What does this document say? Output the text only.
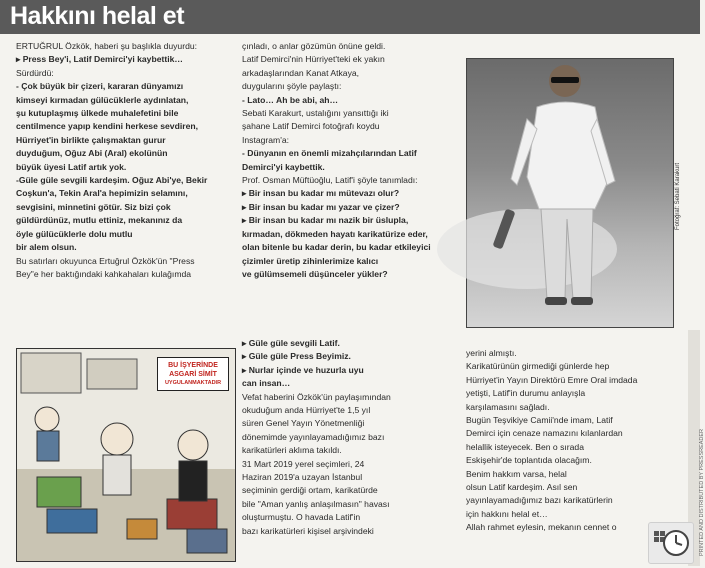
Hakkını helal et

ERTUĞRUL Özkök, haberi şu başlıkla duyurdu:

▸ Press Bey'i, Latif Demirci'yi kaybettik…

Sürdürdü:

- Çok büyük bir çizeri, kararan dünyamızı

kimseyi kırmadan gülücüklerle aydınlatan,

şu kutuplaşmış ülkede muhalefetini bile

centilmence yapıp kendini herkese sevdiren,

Hürriyet'in birlikte çalışmaktan gurur

duyduğum, Oğuz Abi (Aral) ekolünün

büyük üyesi Latif artık yok.

-Güle güle sevgili kardeşim. Oğuz Abi'ye, Bekir

Coşkun'a, Tekin Aral'a hepimizin selamını,

sevgisini, minnetini götür. Siz bizi çok

güldürdünüz, mutlu ettiniz, mekanınız da

öyle gülücüklerle dolu mutlu

bir alem olsun.

Bu satırları okuyunca Ertuğrul Özkök'ün "Press

Bey"e her baktığındaki kahkahaları kulağımda

çınladı, o anlar gözümün önüne geldi.

Latif Demirci'nin Hürriyet'teki ek yakın

arkadaşlarından Kanat Atkaya,

duygularını şöyle paylaştı:

- Lato… Ah be abi, ah…

Sebati Karakurt, ustalığını yansıttığı iki

şahane Latif Demirci fotoğrafı koydu

Instagram'a:

- Dünyanın en önemli mizahçılarından Latif

Demirci'yi kaybettik.

Prof. Osman Müftüoğlu, Latif'i şöyle tanımladı:

▸ Bir insan bu kadar mı mütevazı olur?

▸ Bir insan bu kadar mı yazar ve çizer?

▸ Bir insan bu kadar mı nazik bir üslupla,

kırmadan, dökmeden hayatı karikatürize eder,

olan bitenle bu kadar derin, bu kadar etkileyici

çizimler üretip zihinlerimize kalıcı

ve gülümsemeli düşünceler yükler?

Fotoğraf: Sebati Karakurt
BU İŞYERİNDE
ASGARİ SİMİT
UYGULANMAKTADIR

▸ Güle güle sevgili Latif.

▸ Güle güle Press Beyimiz.

▸ Nurlar içinde ve huzurla uyu

can insan…

Vefat haberini Özkök'ün paylaşımından

okuduğum anda Hürriyet'te 1,5 yıl

süren Genel Yayın Yönetmenliği

dönemimde yayınlayamadığımız bazı

karikatürleri aklıma takıldı.

31 Mart 2019 yerel seçimleri, 24

Haziran 2019'a uzayan İstanbul

seçiminin gerdiği ortam, karikatürde

bile "Aman yanlış anlaşılmasın" havası

oluşturmuştu. O havada Latif'in

bazı karikatürleri kişisel arşivindeki

yerini almıştı.

Karikatürünün girmediği günlerde hep

Hürriyet'in Yayın Direktörü Emre Oral imdada

yetişti, Latif'in durumu anlayışla

karşılamasını sağladı.

Bugün Teşvikiye Camii'nde imam, Latif

Demirci için cenaze namazını kılanlardan

helallik isteyecek. Ben o sırada

Eskişehir'de toplantıda olacağım.

Benim hakkım varsa, helal

olsun Latif kardeşim. Asıl sen

yayınlayamadığımız bazı karikatürlerin

için hakkını helal et…

Allah rahmet eylesin, mekanın cennet o	PRINTED AND DISTRIBUTED BY PRESSREADER
